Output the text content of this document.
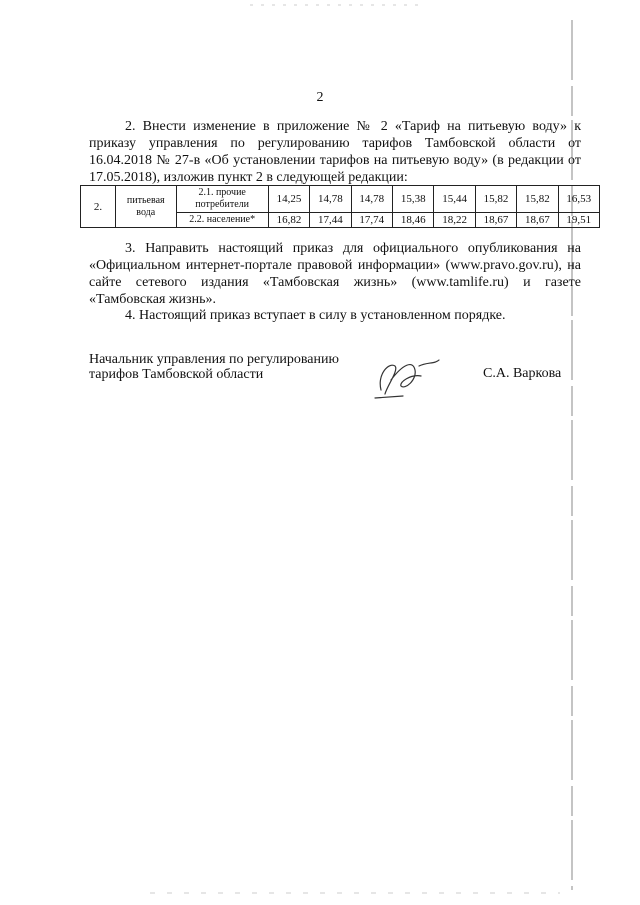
2

2. Внести изменение в приложение № 2 «Тариф на питьевую воду» к приказу управления по регулированию тарифов Тамбовской области от 16.04.2018 № 27-в «Об установлении тарифов на питьевую воду» (в редакции от 17.05.2018), изложив пункт 2 в следующей редакции:

2.	питьевая вода	2.1. прочие потребители	14,25	14,78	14,78	15,38	15,44	15,82	15,82	16,53
		2.2. население*	16,82	17,44	17,74	18,46	18,22	18,67	18,67	19,51

3. Направить настоящий приказ для официального опубликования на «Официальном интернет-портале правовой информации» (www.pravo.gov.ru), на сайте сетевого издания «Тамбовская жизнь» (www.tamlife.ru) и газете «Тамбовская жизнь».

4. Настоящий приказ вступает в силу в установленном порядке.

Начальник управления по регулированию
тарифов Тамбовской области	С.А. Варкова
